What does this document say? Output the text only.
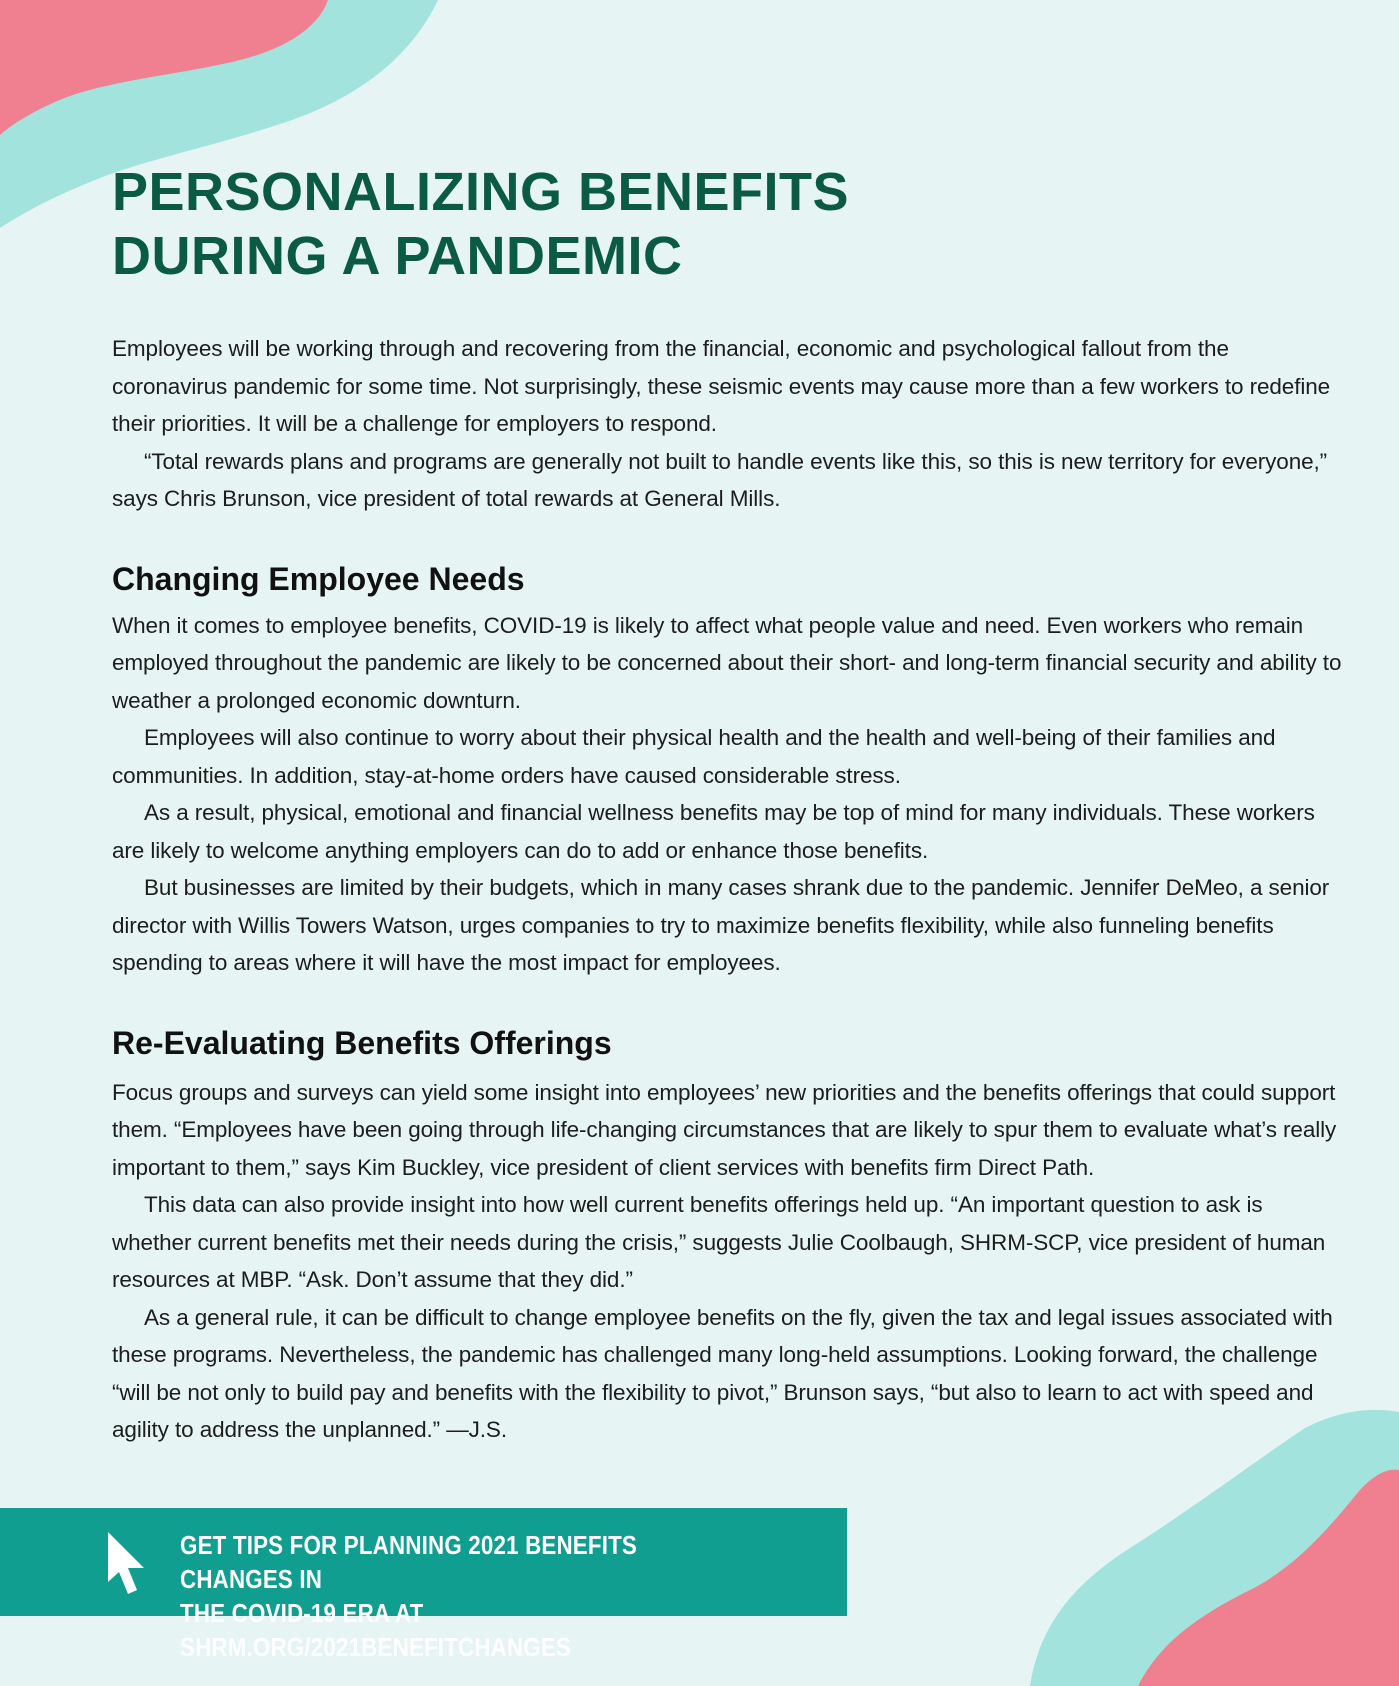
PERSONALIZING BENEFITS
DURING A PANDEMIC

Employees will be working through and recovering from the financial, economic and psychological fallout from the coronavirus pandemic for some time. Not surprisingly, these seismic events may cause more than a few workers to redefine their priorities. It will be a challenge for employers to respond.

“Total rewards plans and programs are generally not built to handle events like this, so this is new territory for everyone,” says Chris Brunson, vice president of total rewards at General Mills.

Changing Employee Needs

When it comes to employee benefits, COVID-19 is likely to affect what people value and need. Even workers who remain employed throughout the pandemic are likely to be concerned about their short- and long-term financial security and ability to weather a prolonged economic downturn.

Employees will also continue to worry about their physical health and the health and well-being of their families and communities. In addition, stay-at-home orders have caused considerable stress.

As a result, physical, emotional and financial wellness benefits may be top of mind for many individuals. These workers are likely to welcome anything employers can do to add or enhance those benefits.

But businesses are limited by their budgets, which in many cases shrank due to the pandemic. Jennifer DeMeo, a senior director with Willis Towers Watson, urges companies to try to maximize benefits flexibility, while also funneling benefits spending to areas where it will have the most impact for employees.

Re-Evaluating Benefits Offerings

Focus groups and surveys can yield some insight into employees’ new priorities and the benefits offerings that could support them. “Employees have been going through life-changing circumstances that are likely to spur them to evaluate what’s really important to them,” says Kim Buckley, vice president of client services with benefits firm Direct Path.

This data can also provide insight into how well current benefits offerings held up. “An important question to ask is whether current benefits met their needs during the crisis,” suggests Julie Coolbaugh, SHRM-SCP, vice president of human resources at MBP. “Ask. Don’t assume that they did.”

As a general rule, it can be difficult to change employee benefits on the fly, given the tax and legal issues associated with these programs. Nevertheless, the pandemic has challenged many long-held assumptions. Looking forward, the challenge “will be not only to build pay and benefits with the flexibility to pivot,” Brunson says, “but also to learn to act with speed and agility to address the unplanned.” —J.S.

GET TIPS FOR PLANNING 2021 BENEFITS CHANGES IN
THE COVID-19 ERA AT SHRM.ORG/2021BENEFITCHANGES
